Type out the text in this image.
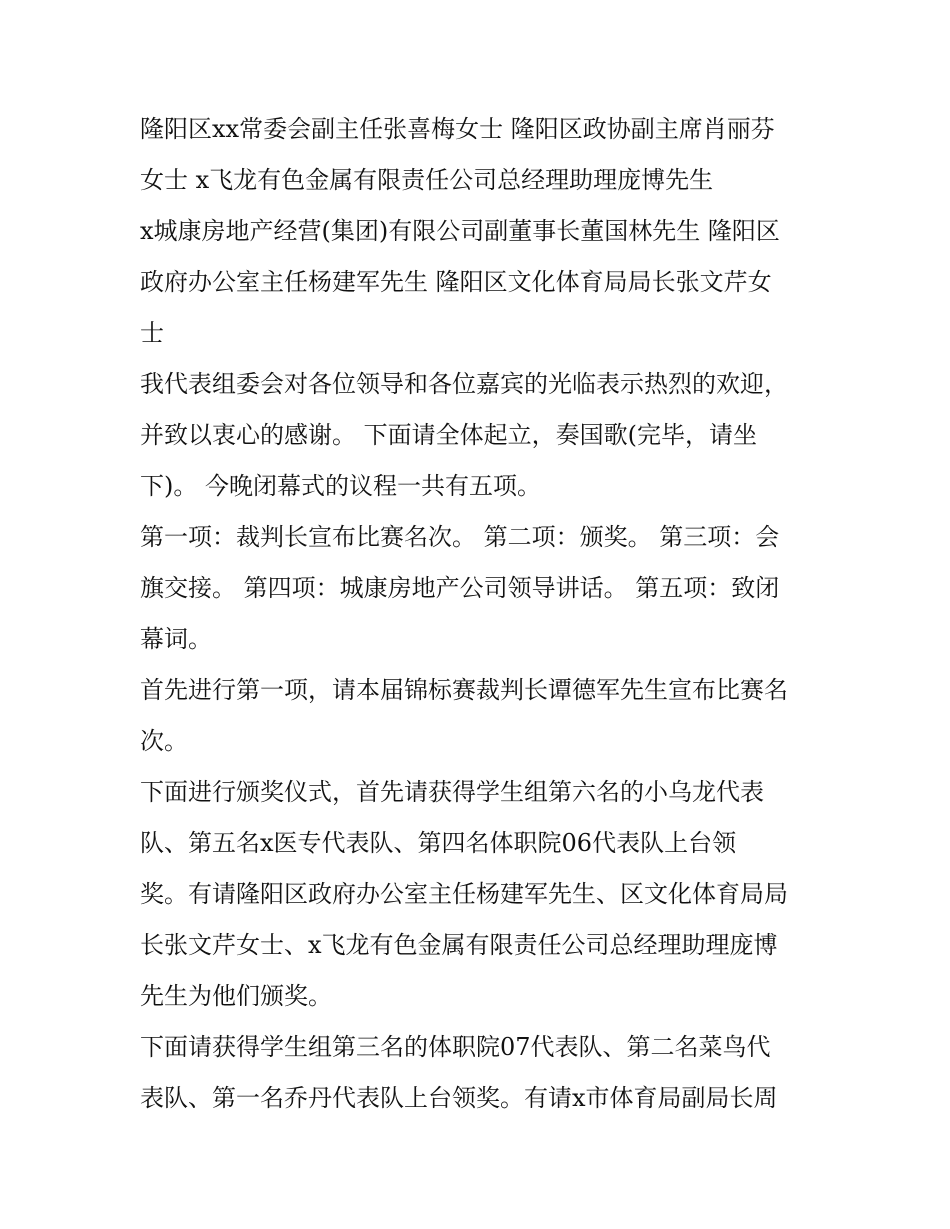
隆阳区xx常委会副主任张喜梅女士 隆阳区政协副主席肖丽芬
女士 x飞龙有色金属有限责任公司总经理助理庞博先生
x城康房地产经营(集团)有限公司副董事长董国林先生 隆阳区
政府办公室主任杨建军先生 隆阳区文化体育局局长张文芹女
士
我代表组委会对各位领导和各位嘉宾的光临表示热烈的欢迎，
并致以衷心的感谢。 下面请全体起立，奏国歌(完毕，请坐
下)。 今晚闭幕式的议程一共有五项。
第一项：裁判长宣布比赛名次。 第二项：颁奖。 第三项：会
旗交接。 第四项：城康房地产公司领导讲话。 第五项：致闭
幕词。
首先进行第一项，请本届锦标赛裁判长谭德军先生宣布比赛名
次。
下面进行颁奖仪式，首先请获得学生组第六名的小乌龙代表
队、第五名x医专代表队、第四名体职院06代表队上台领
奖。有请隆阳区政府办公室主任杨建军先生、区文化体育局局
长张文芹女士、x飞龙有色金属有限责任公司总经理助理庞博
先生为他们颁奖。
下面请获得学生组第三名的体职院07代表队、第二名菜鸟代
表队、第一名乔丹代表队上台领奖。有请x市体育局副局长周
